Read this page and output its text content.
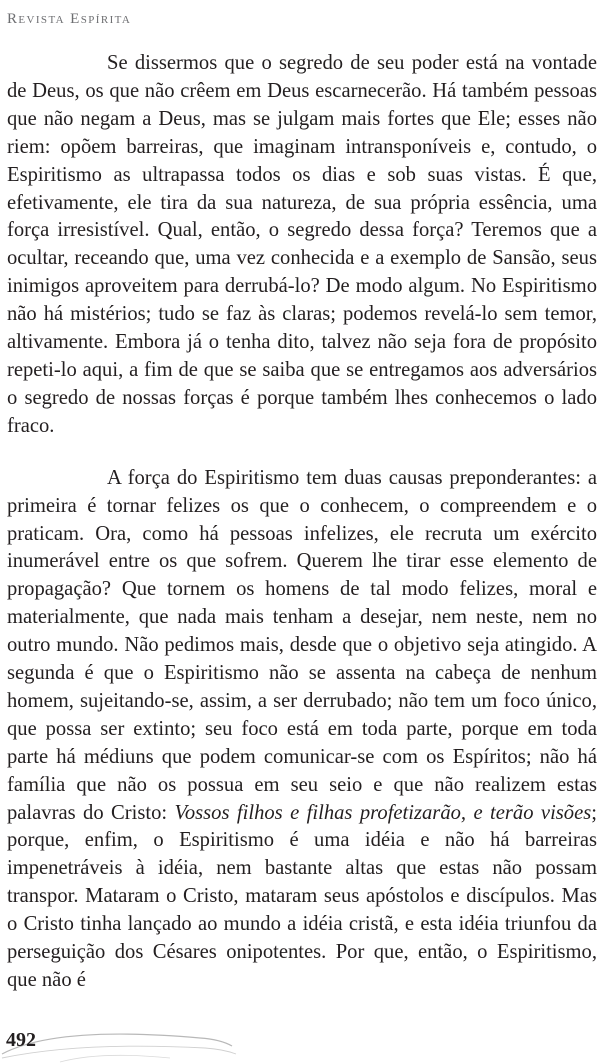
Revista Espírita

Se dissermos que o segredo de seu poder está na vontade de Deus, os que não crêem em Deus escarnecerão. Há também pessoas que não negam a Deus, mas se julgam mais fortes que Ele; esses não riem: opõem barreiras, que imaginam intransponíveis e, contudo, o Espiritismo as ultrapassa todos os dias e sob suas vistas. É que, efetivamente, ele tira da sua natureza, de sua própria essência, uma força irresistível. Qual, então, o segredo dessa força? Teremos que a ocultar, receando que, uma vez conhecida e a exemplo de Sansão, seus inimigos aproveitem para derrubá-lo? De modo algum. No Espiritismo não há mistérios; tudo se faz às claras; podemos revelá-lo sem temor, altivamente. Embora já o tenha dito, talvez não seja fora de propósito repeti-lo aqui, a fim de que se saiba que se entregamos aos adversários o segredo de nossas forças é porque também lhes conhecemos o lado fraco.

A força do Espiritismo tem duas causas preponderantes: a primeira é tornar felizes os que o conhecem, o compreendem e o praticam. Ora, como há pessoas infelizes, ele recruta um exército inumerável entre os que sofrem. Querem lhe tirar esse elemento de propagação? Que tornem os homens de tal modo felizes, moral e materialmente, que nada mais tenham a desejar, nem neste, nem no outro mundo. Não pedimos mais, desde que o objetivo seja atingido. A segunda é que o Espiritismo não se assenta na cabeça de nenhum homem, sujeitando-se, assim, a ser derrubado; não tem um foco único, que possa ser extinto; seu foco está em toda parte, porque em toda parte há médiuns que podem comunicar-se com os Espíritos; não há família que não os possua em seu seio e que não realizem estas palavras do Cristo: Vossos filhos e filhas profetizarão, e terão visões; porque, enfim, o Espiritismo é uma idéia e não há barreiras impenetráveis à idéia, nem bastante altas que estas não possam transpor. Mataram o Cristo, mataram seus apóstolos e discípulos. Mas o Cristo tinha lançado ao mundo a idéia cristã, e esta idéia triunfou da perseguição dos Césares onipotentes. Por que, então, o Espiritismo, que não é

492
